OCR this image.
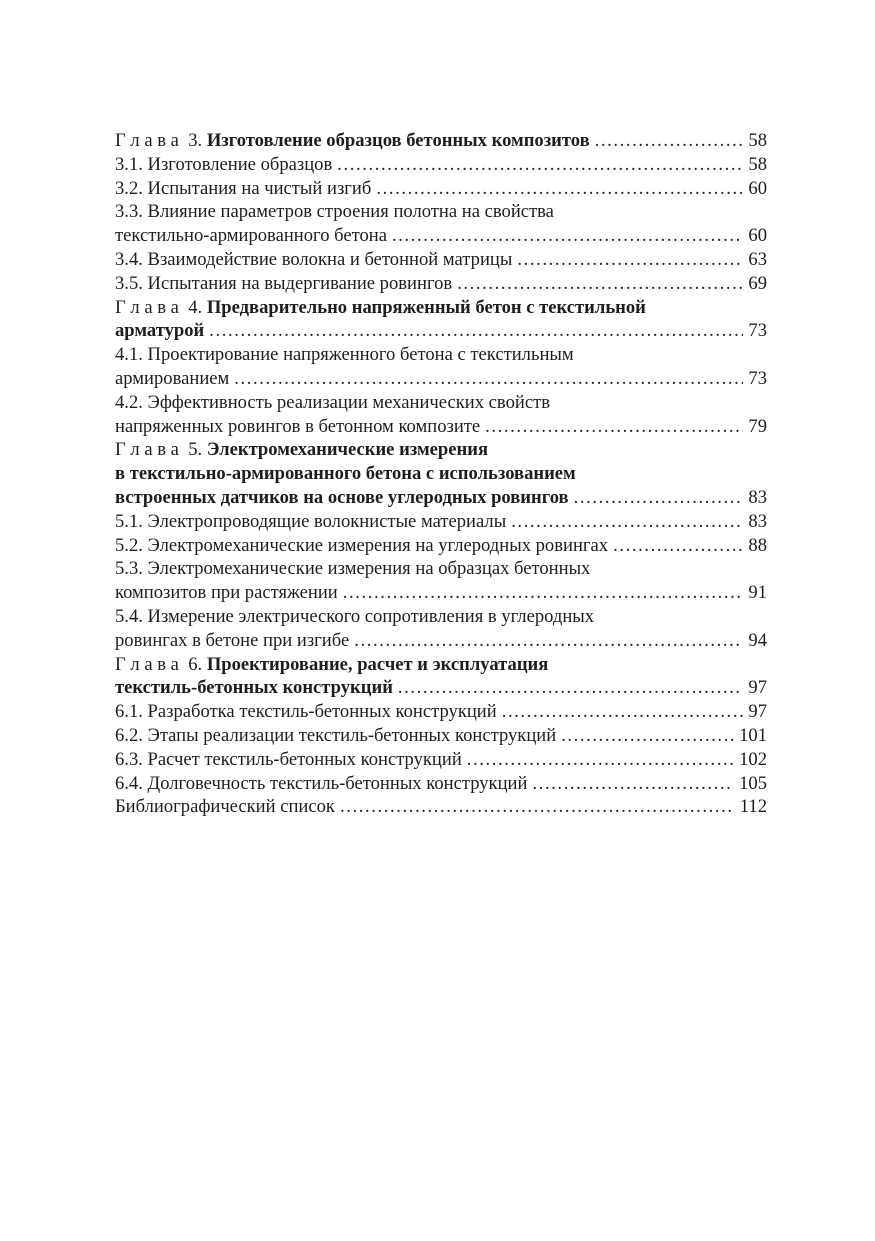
Г л а в а  3. Изготовление образцов бетонных композитов .....	58
3.1. Изготовление образцов .....	58
3.2. Испытания на чистый изгиб .....	60
3.3. Влияние параметров строения полотна на свойства
текстильно-армированного бетона .....	60
3.4. Взаимодействие волокна и бетонной матрицы .....	63
3.5. Испытания на выдергивание ровингов .....	69
Г л а в а  4. Предварительно напряженный бетон с текстильной
арматурой .....	73
4.1. Проектирование напряженного бетона с текстильным
армированием .....	73
4.2. Эффективность реализации механических свойств
напряженных ровингов в бетонном композите .....	79
Г л а в а  5. Электромеханические измерения
в текстильно-армированного бетона с использованием
встроенных датчиков на основе углеродных ровингов .....	83
5.1. Электропроводящие волокнистые материалы .....	83
5.2. Электромеханические измерения на углеродных ровингах .....	88
5.3. Электромеханические измерения на образцах бетонных
композитов при растяжении .....	91
5.4. Измерение электрического сопротивления в углеродных
ровингах в бетоне при изгибе .....	94
Г л а в а  6. Проектирование, расчет и эксплуатация
текстиль-бетонных конструкций .....	97
6.1. Разработка текстиль-бетонных конструкций .....	97
6.2. Этапы реализации текстиль-бетонных конструкций .....	101
6.3. Расчет текстиль-бетонных конструкций .....	102
6.4. Долговечность текстиль-бетонных конструкций .....	105
Библиографический список .....	112
